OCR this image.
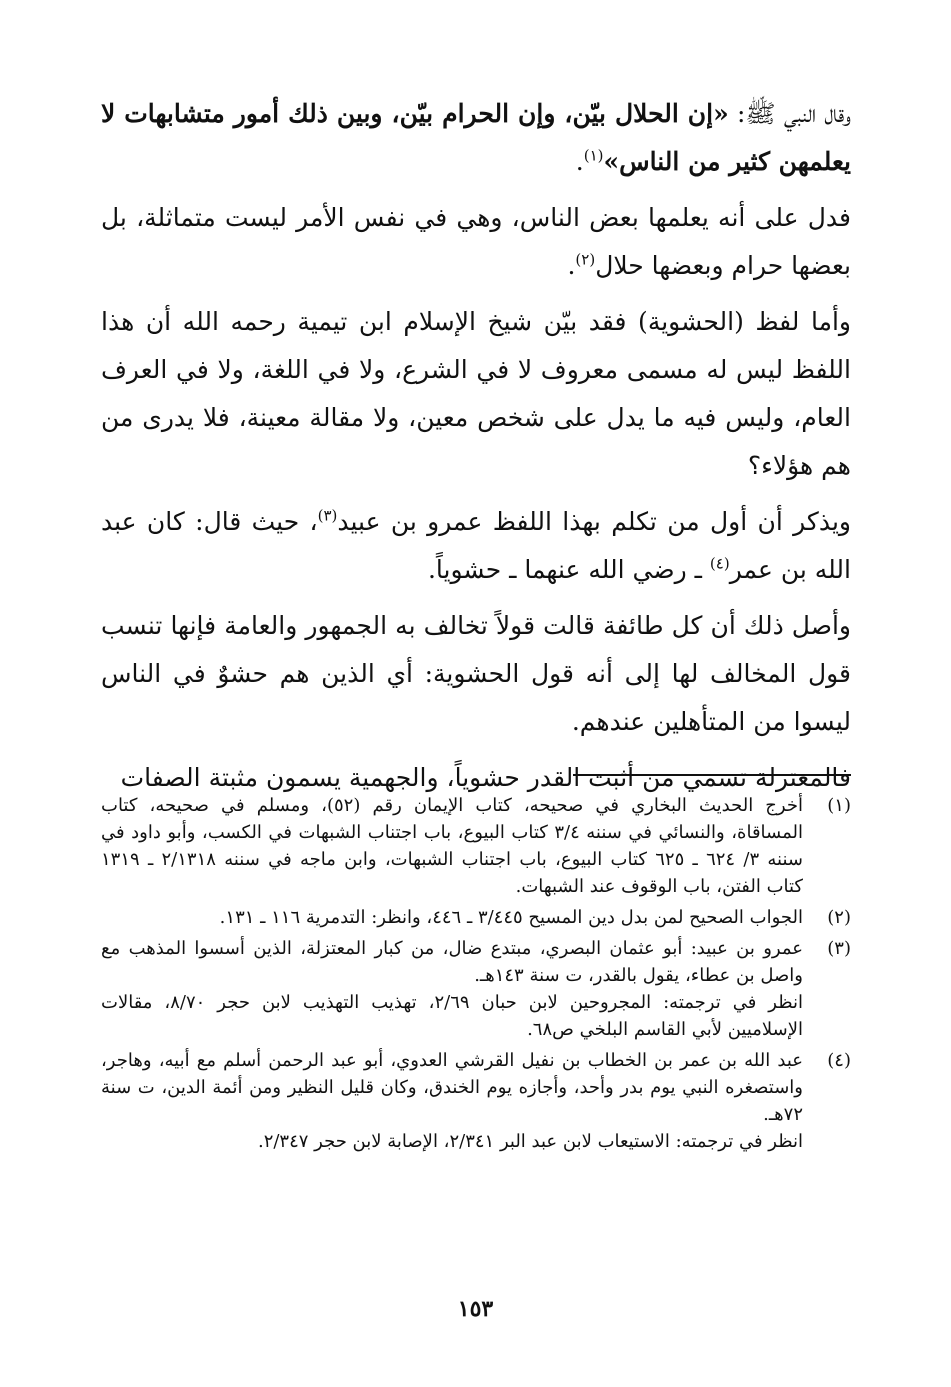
وقال النبي ﷺ: «إن الحلال بيّن، وإن الحرام بيّن، وبين ذلك أمور متشابهات لا يعلمهن كثير من الناس»$^{(١)}$.

فدل على أنه يعلمها بعض الناس، وهي في نفس الأمر ليست متماثلة، بل بعضها حرام وبعضها حلال$^{(٢)}$.

وأما لفظ (الحشوية) فقد بيّن شيخ الإسلام ابن تيمية رحمه الله أن هذا اللفظ ليس له مسمى معروف لا في الشرع، ولا في اللغة، ولا في العرف العام، وليس فيه ما يدل على شخص معين، ولا مقالة معينة، فلا يدرى من هم هؤلاء؟

ويذكر أن أول من تكلم بهذا اللفظ عمرو بن عبيد$^{(٣)}$، حيث قال: كان عبد الله بن عمر$^{(٤)}$ ـ رضي الله عنهما ـ حشوياً.

وأصل ذلك أن كل طائفة قالت قولاً تخالف به الجمهور والعامة فإنها تنسب قول المخالف لها إلى أنه قول الحشوية: أي الذين هم حشوٌ في الناس ليسوا من المتأهلين عندهم.

فالمعتزلة تسمي من أثبت القدر حشوياً، والجهمية يسمون مثبتة الصفات

(١)
أخرج الحديث البخاري في صحيحه، كتاب الإيمان رقم (٥٢)، ومسلم في صحيحه، كتاب المساقاة، والنسائي في سننه ٣/٤ كتاب البيوع، باب اجتناب الشبهات في الكسب، وأبو داود في سننه ٣/ ٦٢٤ ـ ٦٢٥ كتاب البيوع، باب اجتناب الشبهات، وابن ماجه في سننه ٢/١٣١٨ ـ ١٣١٩ كتاب الفتن، باب الوقوف عند الشبهات.
(٢)
الجواب الصحيح لمن بدل دين المسيح ٣/٤٤٥ ـ ٤٤٦، وانظر: التدمرية ١١٦ ـ ١٣١.
(٣)
عمرو بن عبيد: أبو عثمان البصري، مبتدع ضال، من كبار المعتزلة، الذين أسسوا المذهب مع واصل بن عطاء، يقول بالقدر، ت سنة ١٤٣هـ.
انظر في ترجمته: المجروحين لابن حبان ٢/٦٩، تهذيب التهذيب لابن حجر ٨/٧٠، مقالات الإسلاميين لأبي القاسم البلخي ص٦٨.
(٤)
عبد الله بن عمر بن الخطاب بن نفيل القرشي العدوي، أبو عبد الرحمن أسلم مع أبيه، وهاجر، واستصغره النبي يوم بدر وأحد، وأجازه يوم الخندق، وكان قليل النظير ومن أئمة الدين، ت سنة ٧٢هـ.
انظر في ترجمته: الاستيعاب لابن عبد البر ٢/٣٤١، الإصابة لابن حجر ٢/٣٤٧.
١٥٣
